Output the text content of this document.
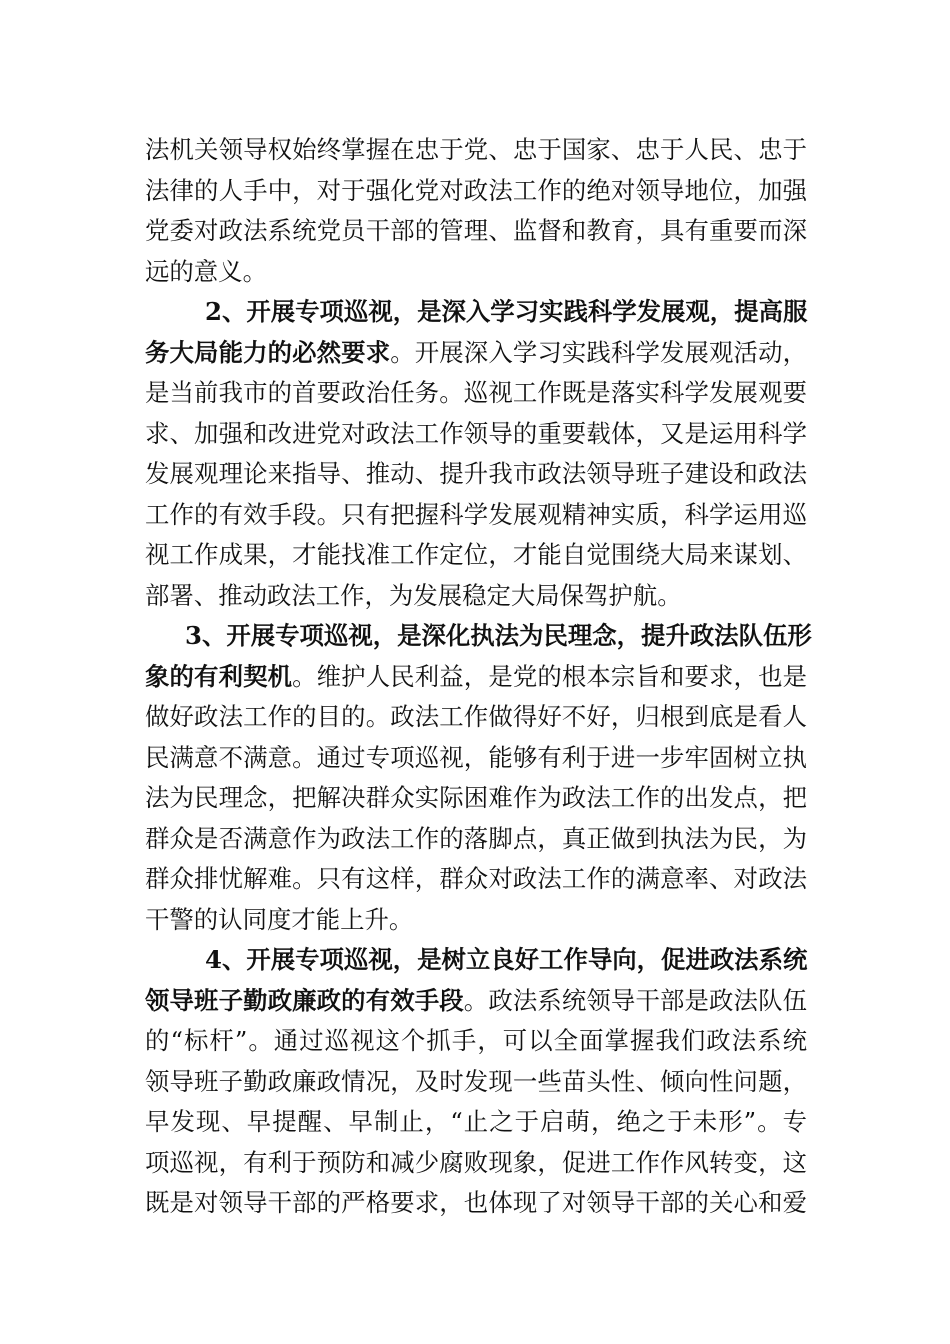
法机关领导权始终掌握在忠于党、忠于国家、忠于人民、忠于
法律的人手中，对于强化党对政法工作的绝对领导地位，加强
党委对政法系统党员干部的管理、监督和教育，具有重要而深
远的意义。
2、开展专项巡视，是深入学习实践科学发展观，提高服
务大局能力的必然要求。开展深入学习实践科学发展观活动，
是当前我市的首要政治任务。巡视工作既是落实科学发展观要
求、加强和改进党对政法工作领导的重要载体，又是运用科学
发展观理论来指导、推动、提升我市政法领导班子建设和政法
工作的有效手段。只有把握科学发展观精神实质，科学运用巡
视工作成果，才能找准工作定位，才能自觉围绕大局来谋划、
部署、推动政法工作，为发展稳定大局保驾护航。
3、开展专项巡视，是深化执法为民理念，提升政法队伍形
象的有利契机。维护人民利益，是党的根本宗旨和要求，也是
做好政法工作的目的。政法工作做得好不好，归根到底是看人
民满意不满意。通过专项巡视，能够有利于进一步牢固树立执
法为民理念，把解决群众实际困难作为政法工作的出发点，把
群众是否满意作为政法工作的落脚点，真正做到执法为民，为
群众排忧解难。只有这样，群众对政法工作的满意率、对政法
干警的认同度才能上升。
4、开展专项巡视，是树立良好工作导向，促进政法系统
领导班子勤政廉政的有效手段。政法系统领导干部是政法队伍
的“标杆”。通过巡视这个抓手，可以全面掌握我们政法系统
领导班子勤政廉政情况，及时发现一些苗头性、倾向性问题，
早发现、早提醒、早制止，“止之于启萌，绝之于未形”。专
项巡视，有利于预防和减少腐败现象，促进工作作风转变，这
既是对领导干部的严格要求，也体现了对领导干部的关心和爱
